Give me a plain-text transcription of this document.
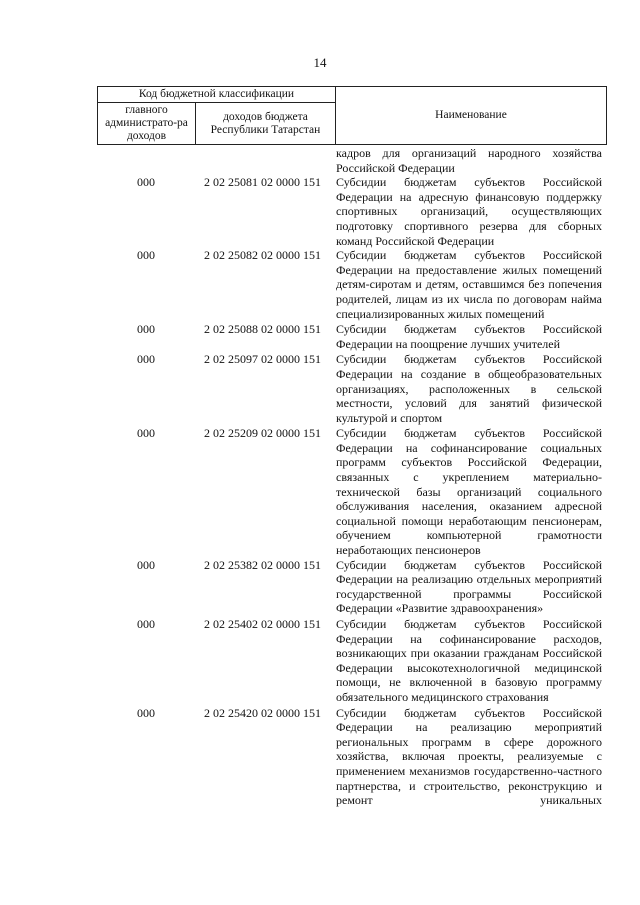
14
Код бюджетной классификации		Наименование
главного администрато-ра доходов	доходов бюджета Республики Татарстан	
кадров для организаций народного хозяйства Российской Федерации
000	2 02 25081 02 0000 151	Субсидии бюджетам субъектов Российской Федерации на адресную финансовую поддержку спортивных организаций, осуществляющих подготовку спортивного резерва для сборных команд Российской Федерации
000	2 02 25082 02 0000 151	Субсидии бюджетам субъектов Российской Федерации на предоставление жилых помещений детям-сиротам и детям, оставшимся без попечения родителей, лицам из их числа по договорам найма специализированных жилых помещений
000	2 02 25088 02 0000 151	Субсидии бюджетам субъектов Российской Федерации на поощрение лучших учителей
000	2 02 25097 02 0000 151	Субсидии бюджетам субъектов Российской Федерации на создание в общеобразовательных организациях, расположенных в сельской местности, условий для занятий физической культурой и спортом
000	2 02 25209 02 0000 151	Субсидии бюджетам субъектов Российской Федерации на софинансирование социальных программ субъектов Российской Федерации, связанных с укреплением материально-технической базы организаций социального обслуживания населения, оказанием адресной социальной помощи неработающим пенсионерам, обучением компьютерной грамотности неработающих пенсионеров
000	2 02 25382 02 0000 151	Субсидии бюджетам субъектов Российской Федерации на реализацию отдельных мероприятий государственной программы Российской Федерации «Развитие здравоохранения»
000	2 02 25402 02 0000 151	Субсидии бюджетам субъектов Российской Федерации на софинансирование расходов, возникающих при оказании гражданам Российской Федерации высокотехнологичной медицинской помощи, не включенной в базовую программу обязательного медицинского страхования
000	2 02 25420 02 0000 151	Субсидии бюджетам субъектов Российской Федерации на реализацию мероприятий региональных программ в сфере дорожного хозяйства, включая проекты, реализуемые с применением механизмов государственно-частного партнерства, и строительство, реконструкцию и ремонт уникальных
